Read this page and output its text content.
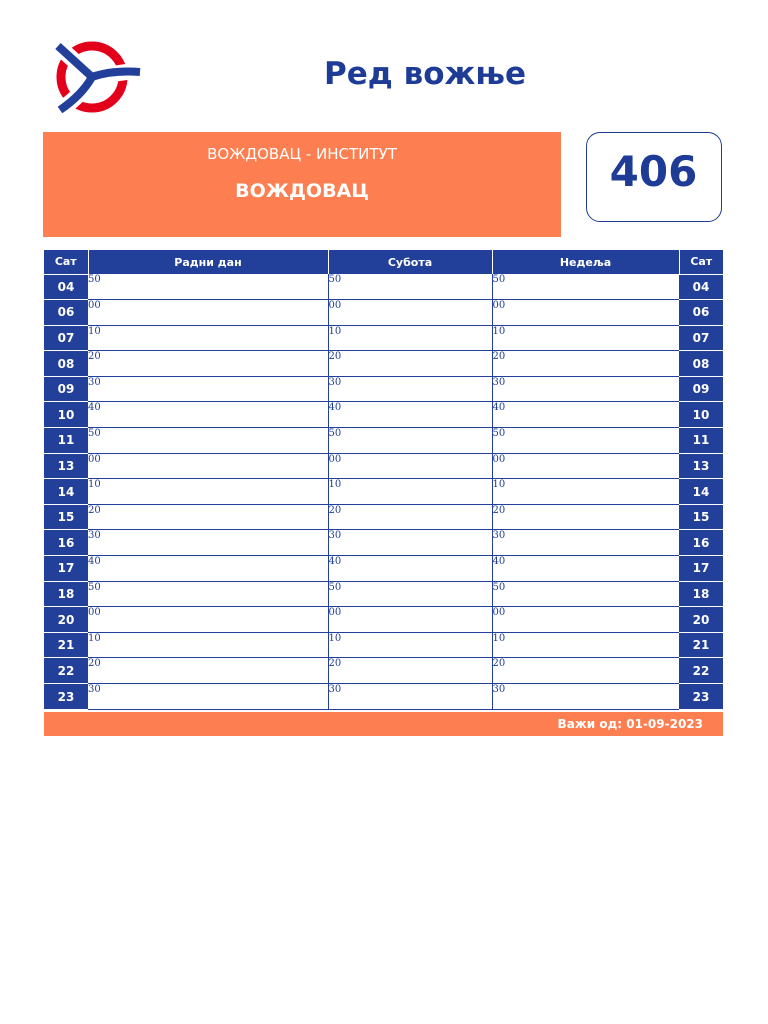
Ред вожње
ВОЖДОВАЦ - ИНСТИТУТ
ВОЖДОВАЦ	406
Сат	Радни дан	Субота	Недеља	Сат
04	50	50	50	04
06	00	00	00	06
07	10	10	10	07
08	20	20	20	08
09	30	30	30	09
10	40	40	40	10
11	50	50	50	11
13	00	00	00	13
14	10	10	10	14
15	20	20	20	15
16	30	30	30	16
17	40	40	40	17
18	50	50	50	18
20	00	00	00	20
21	10	10	10	21
22	20	20	20	22
23	30	30	30	23
Важи од: 01-09-2023
